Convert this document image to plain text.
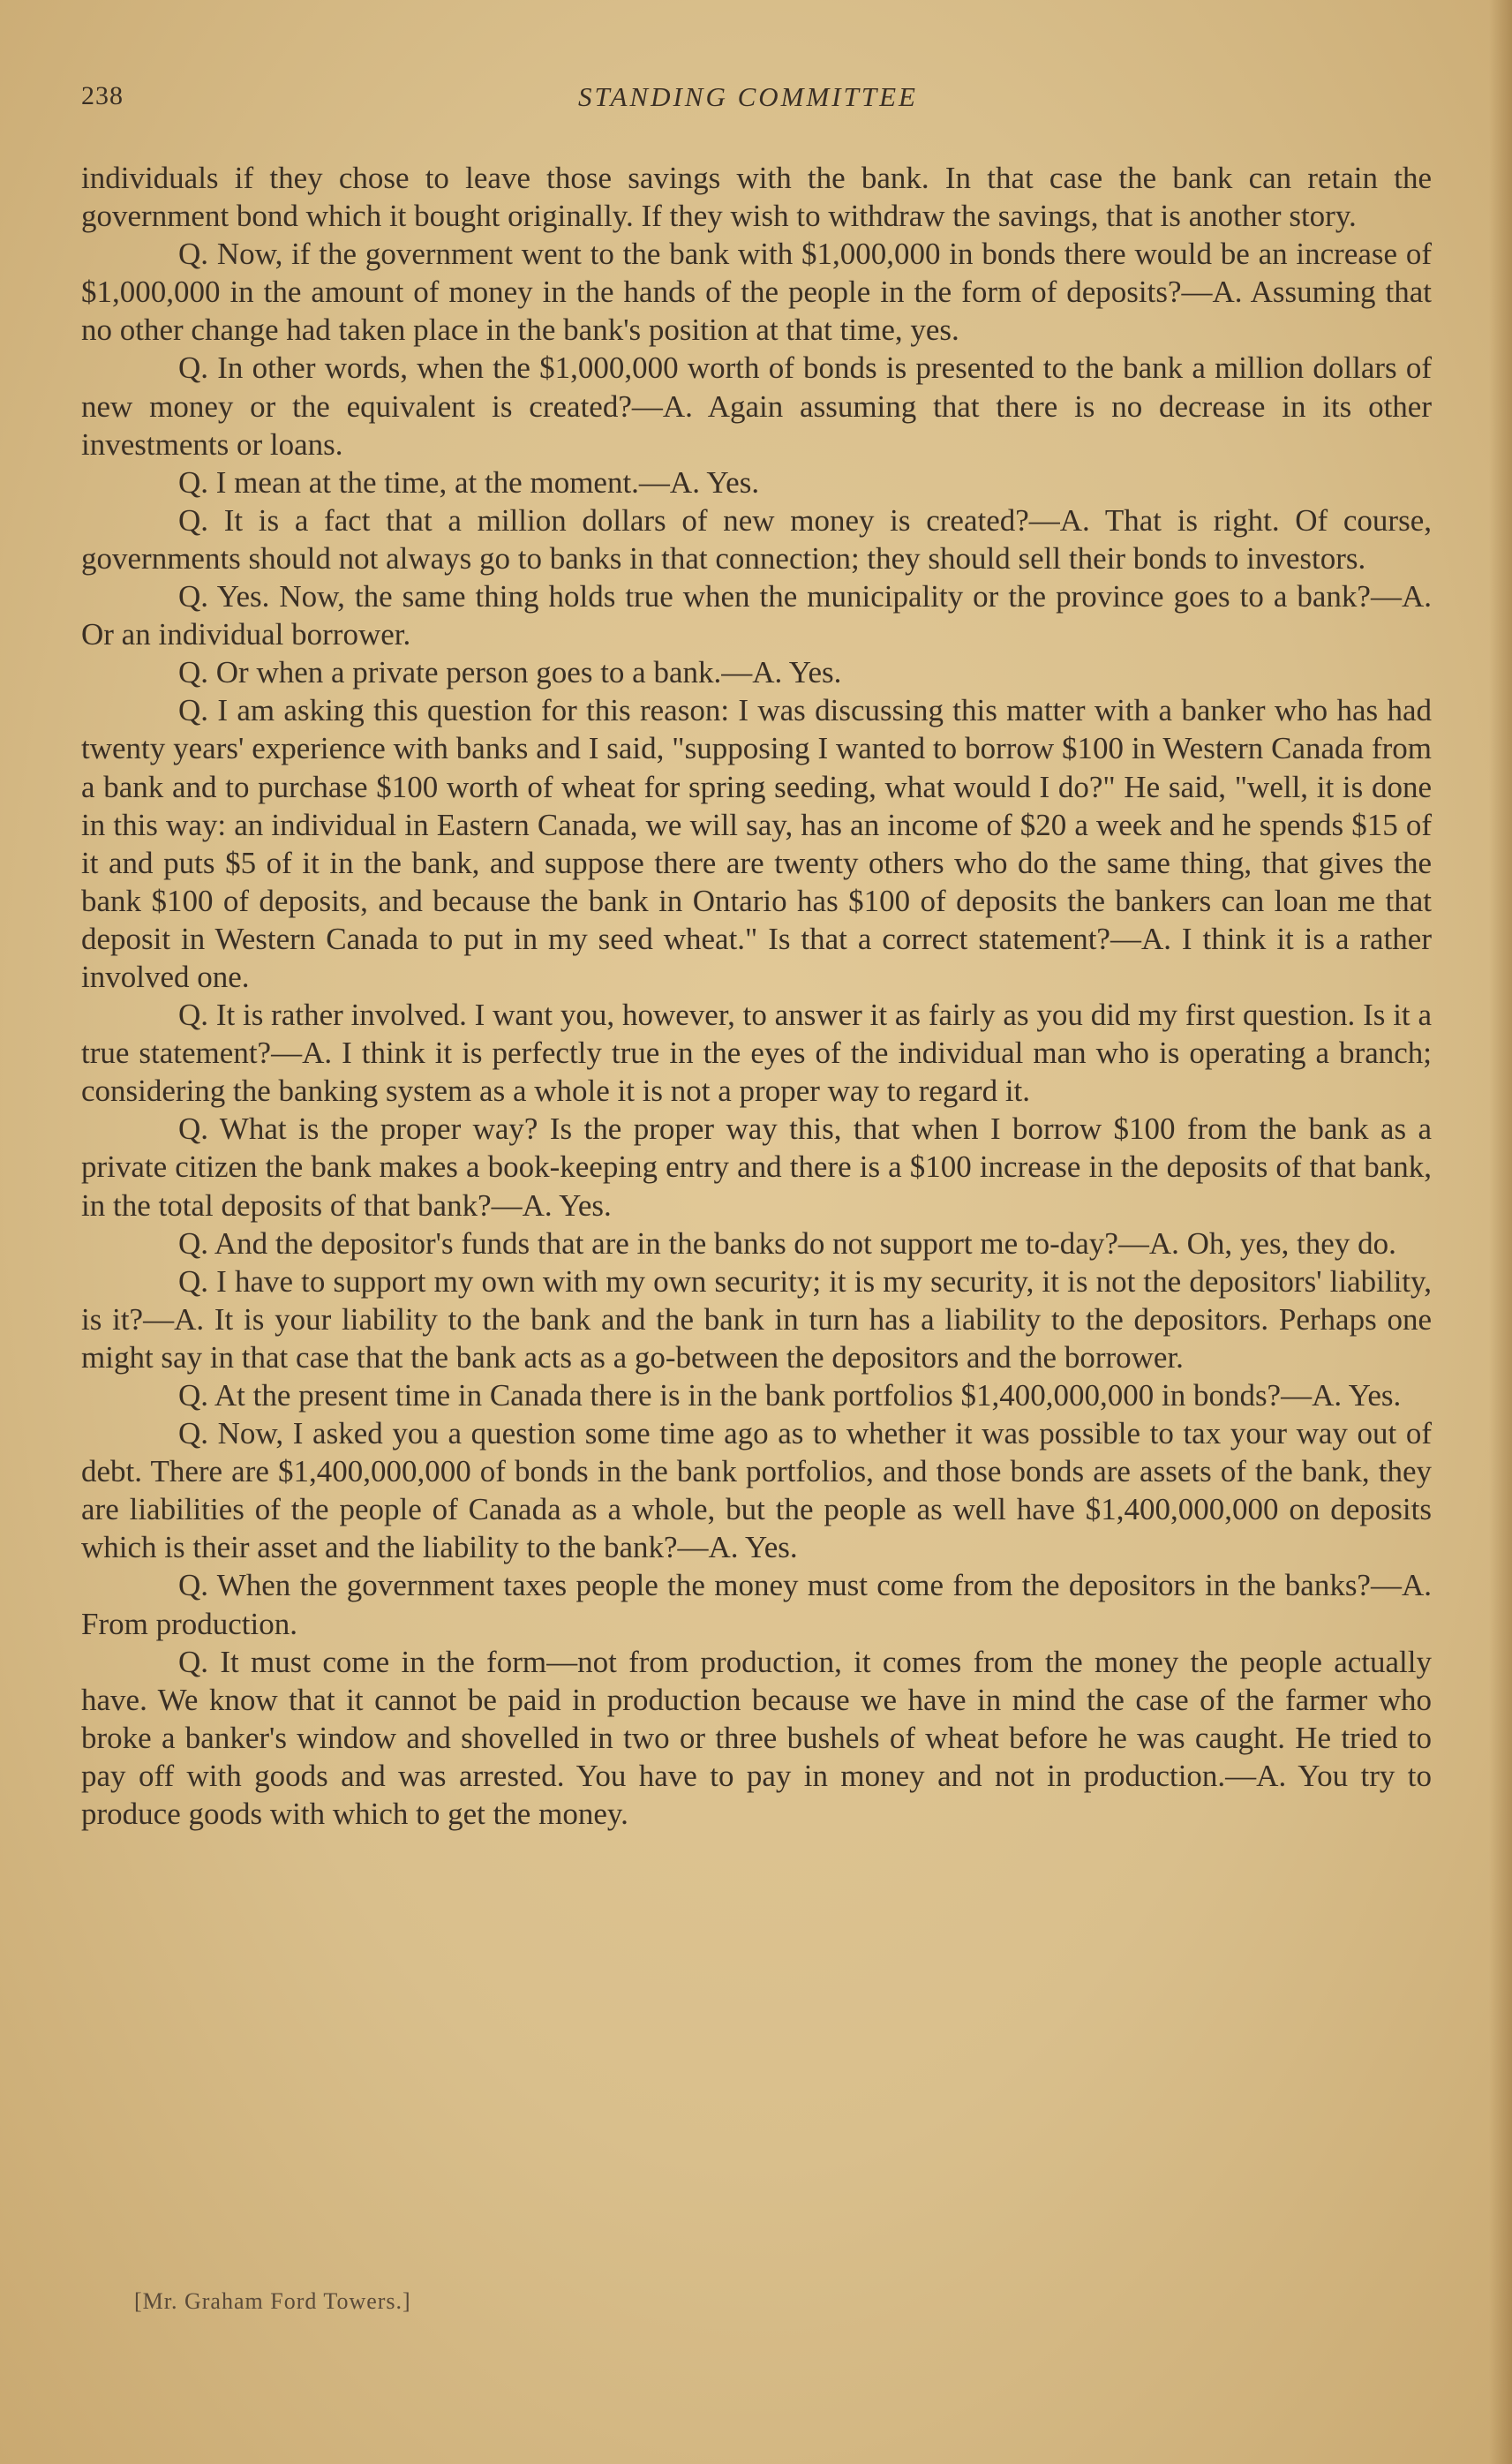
238	STANDING COMMITTEE

individuals if they chose to leave those savings with the bank. In that case the bank can retain the government bond which it bought originally. If they wish to withdraw the savings, that is another story.

Q. Now, if the government went to the bank with $1,000,000 in bonds there would be an increase of $1,000,000 in the amount of money in the hands of the people in the form of deposits?—A. Assuming that no other change had taken place in the bank's position at that time, yes.

Q. In other words, when the $1,000,000 worth of bonds is presented to the bank a million dollars of new money or the equivalent is created?—A. Again assuming that there is no decrease in its other investments or loans.

Q. I mean at the time, at the moment.—A. Yes.

Q. It is a fact that a million dollars of new money is created?—A. That is right. Of course, governments should not always go to banks in that connection; they should sell their bonds to investors.

Q. Yes. Now, the same thing holds true when the municipality or the province goes to a bank?—A. Or an individual borrower.

Q. Or when a private person goes to a bank.—A. Yes.

Q. I am asking this question for this reason: I was discussing this matter with a banker who has had twenty years' experience with banks and I said, "supposing I wanted to borrow $100 in Western Canada from a bank and to purchase $100 worth of wheat for spring seeding, what would I do?" He said, "well, it is done in this way: an individual in Eastern Canada, we will say, has an income of $20 a week and he spends $15 of it and puts $5 of it in the bank, and suppose there are twenty others who do the same thing, that gives the bank $100 of deposits, and because the bank in Ontario has $100 of deposits the bankers can loan me that deposit in Western Canada to put in my seed wheat." Is that a correct statement?—A. I think it is a rather involved one.

Q. It is rather involved. I want you, however, to answer it as fairly as you did my first question. Is it a true statement?—A. I think it is perfectly true in the eyes of the individual man who is operating a branch; considering the banking system as a whole it is not a proper way to regard it.

Q. What is the proper way? Is the proper way this, that when I borrow $100 from the bank as a private citizen the bank makes a book-keeping entry and there is a $100 increase in the deposits of that bank, in the total deposits of that bank?—A. Yes.

Q. And the depositor's funds that are in the banks do not support me to-day?—A. Oh, yes, they do.

Q. I have to support my own with my own security; it is my security, it is not the depositors' liability, is it?—A. It is your liability to the bank and the bank in turn has a liability to the depositors. Perhaps one might say in that case that the bank acts as a go-between the depositors and the borrower.

Q. At the present time in Canada there is in the bank portfolios $1,400,000,000 in bonds?—A. Yes.

Q. Now, I asked you a question some time ago as to whether it was possible to tax your way out of debt. There are $1,400,000,000 of bonds in the bank portfolios, and those bonds are assets of the bank, they are liabilities of the people of Canada as a whole, but the people as well have $1,400,000,000 on deposits which is their asset and the liability to the bank?—A. Yes.

Q. When the government taxes people the money must come from the depositors in the banks?—A. From production.

Q. It must come in the form—not from production, it comes from the money the people actually have. We know that it cannot be paid in production because we have in mind the case of the farmer who broke a banker's window and shovelled in two or three bushels of wheat before he was caught. He tried to pay off with goods and was arrested. You have to pay in money and not in production.—A. You try to produce goods with which to get the money.

[Mr. Graham Ford Towers.]
